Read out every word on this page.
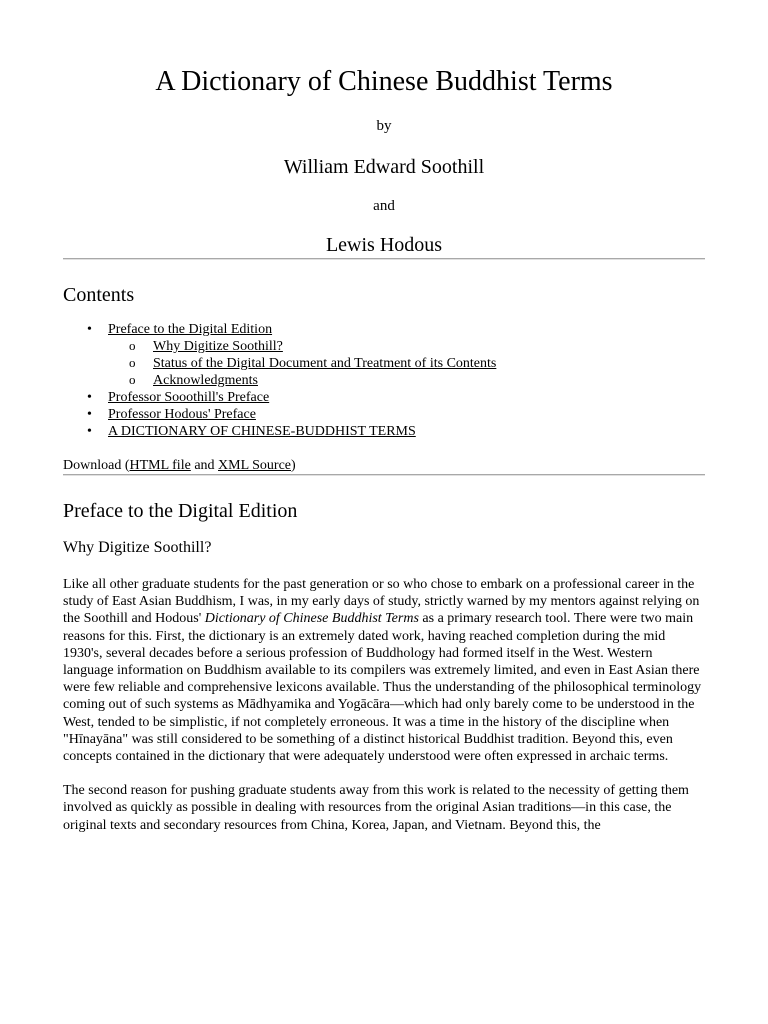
A Dictionary of Chinese Buddhist Terms

by

William Edward Soothill

and

Lewis Hodous
Contents
• Preface to the Digital Edition
o Why Digitize Soothill?
o Status of the Digital Document and Treatment of its Contents
o Acknowledgments
• Professor Sooothill's Preface
• Professor Hodous' Preface
• A DICTIONARY OF CHINESE-BUDDHIST TERMS

Download (HTML file and XML Source)

Preface to the Digital Edition
Why Digitize Soothill?

Like all other graduate students for the past generation or so who chose to embark on a professional career in the study of East Asian Buddhism, I was, in my early days of study, strictly warned by my mentors against relying on the Soothill and Hodous' Dictionary of Chinese Buddhist Terms as a primary research tool. There were two main reasons for this. First, the dictionary is an extremely dated work, having reached completion during the mid 1930's, several decades before a serious profession of Buddhology had formed itself in the West. Western language information on Buddhism available to its compilers was extremely limited, and even in East Asian there were few reliable and comprehensive lexicons available. Thus the understanding of the philosophical terminology coming out of such systems as Mādhyamika and Yogācāra—which had only barely come to be understood in the West, tended to be simplistic, if not completely erroneous. It was a time in the history of the discipline when "Hīnayāna" was still considered to be something of a distinct historical Buddhist tradition. Beyond this, even concepts contained in the dictionary that were adequately understood were often expressed in archaic terms.

The second reason for pushing graduate students away from this work is related to the necessity of getting them involved as quickly as possible in dealing with resources from the original Asian traditions—in this case, the original texts and secondary resources from China, Korea, Japan, and Vietnam. Beyond this, the
